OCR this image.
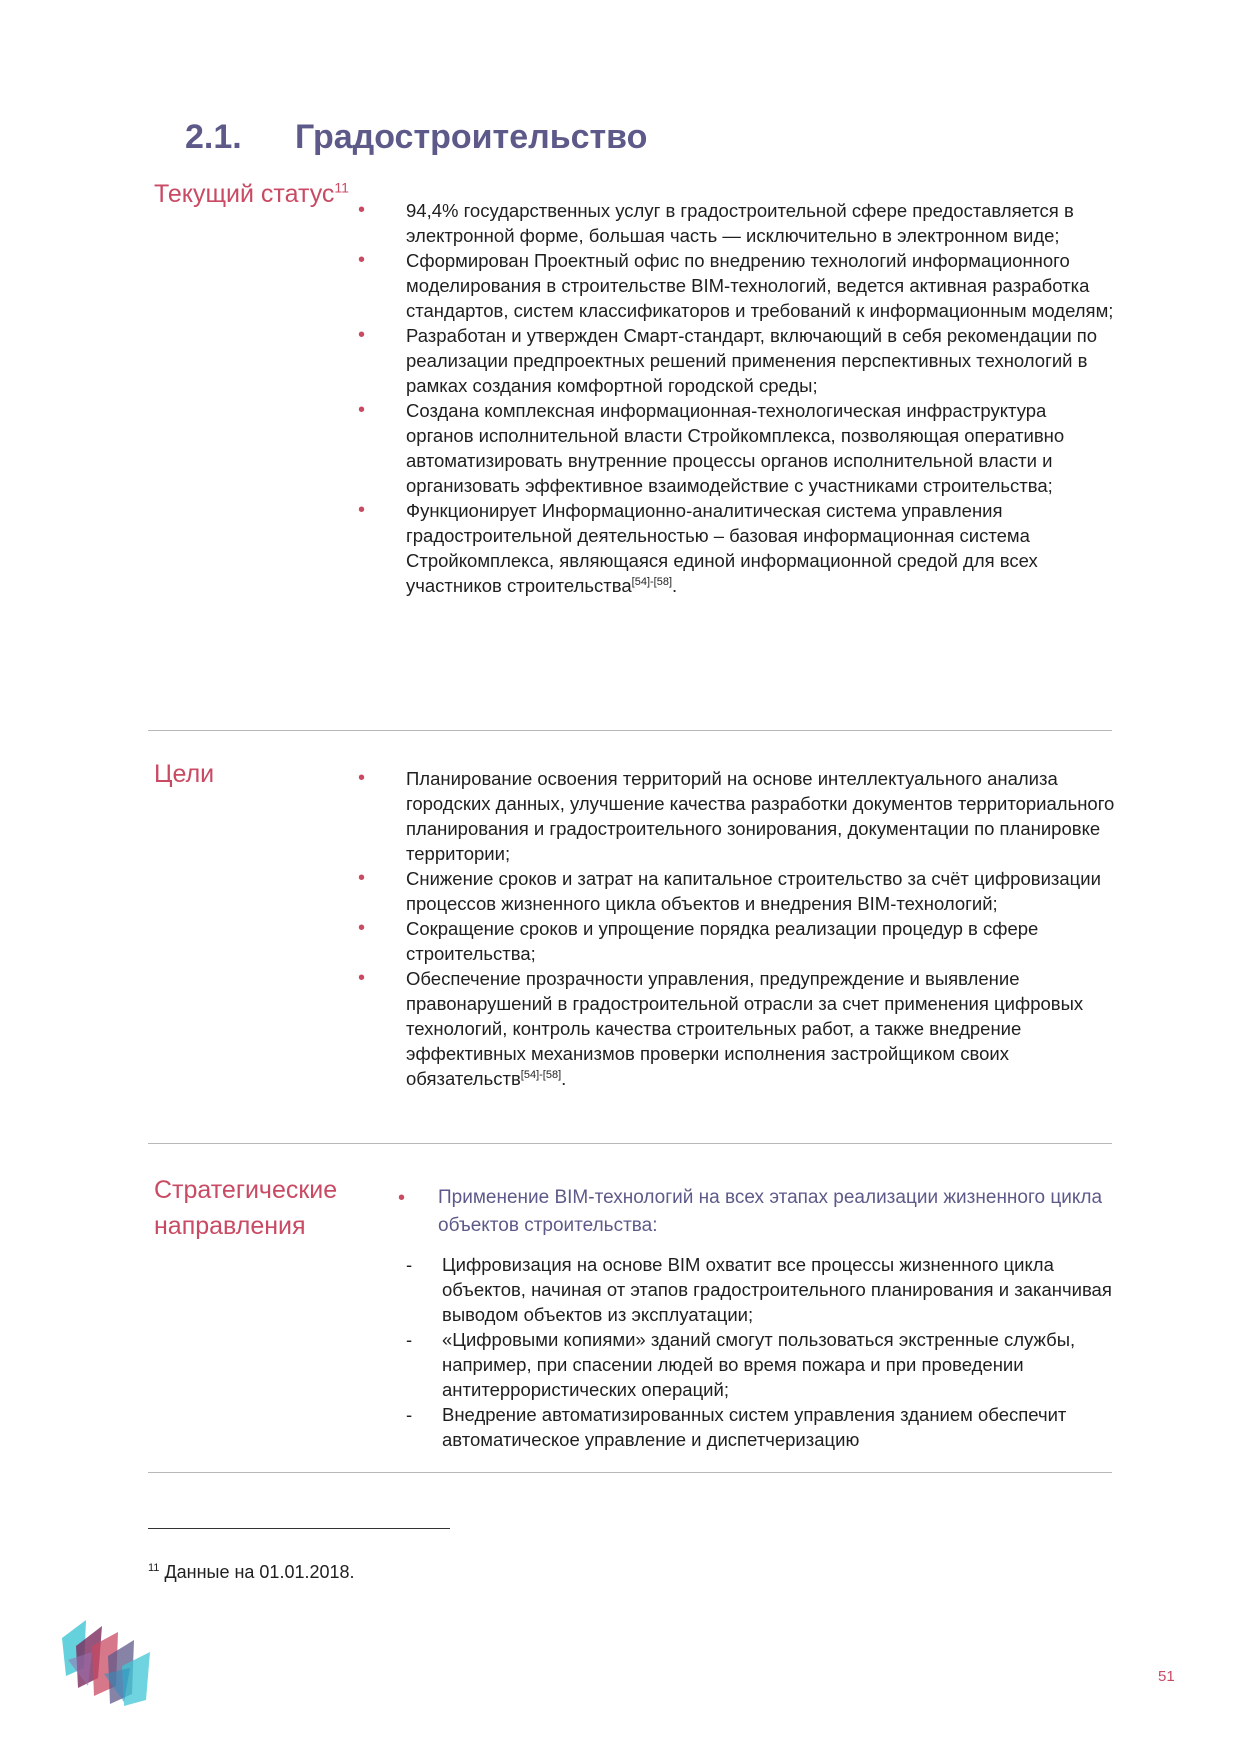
2.1. Градостроительство
Текущий статус$^{11}$
• 94,4% государственных услуг в градостроительной сфере предоставляется в электронной форме, большая часть — исключительно в электронном виде;
• Сформирован Проектный офис по внедрению технологий информационного моделирования в строительстве BIM-технологий, ведется активная разработка стандартов, систем классификаторов и требований к информационным моделям;
• Разработан и утвержден Смарт-стандарт, включающий в себя рекомендации по реализации предпроектных решений применения перспективных технологий в рамках создания комфортной городской среды;
• Создана комплексная информационная-технологическая инфраструктура органов исполнительной власти Стройкомплекса, позволяющая оперативно автоматизировать внутренние процессы органов исполнительной власти и организовать эффективное взаимодействие с участниками строительства;
• Функционирует Информационно-аналитическая система управления градостроительной деятельностью – базовая информационная система Стройкомплекса, являющаяся единой информационной средой для всех участников строительства[54]-[58].
Цели	• Планирование освоения территорий на основе интеллектуального анализа городских данных, улучшение качества разработки документов территориального планирования и градостроительного зонирования, документации по планировке территории;
• Снижение сроков и затрат на капитальное строительство за счёт цифровизации процессов жизненного цикла объектов и внедрения BIM-технологий;
• Сокращение сроков и упрощение порядка реализации процедур в сфере строительства;
• Обеспечение прозрачности управления, предупреждение и выявление правонарушений в градостроительной отрасли за счет применения цифровых технологий, контроль качества строительных работ, а также внедрение эффективных механизмов проверки исполнения застройщиком своих обязательств[54]-[58].
Стратегические направления
• Применение BIM-технологий на всех этапах реализации жизненного цикла объектов строительства:
- Цифровизация на основе BIM охватит все процессы жизненного цикла объектов, начиная от этапов градостроительного планирования и заканчивая выводом объектов из эксплуатации;
- «Цифровыми копиями» зданий смогут пользоваться экстренные службы, например, при спасении людей во время пожара и при проведении антитеррористических операций;
- Внедрение автоматизированных систем управления зданием обеспечит автоматическое управление и диспетчеризацию
$^{11}$ Данные на 01.01.2018.
51
